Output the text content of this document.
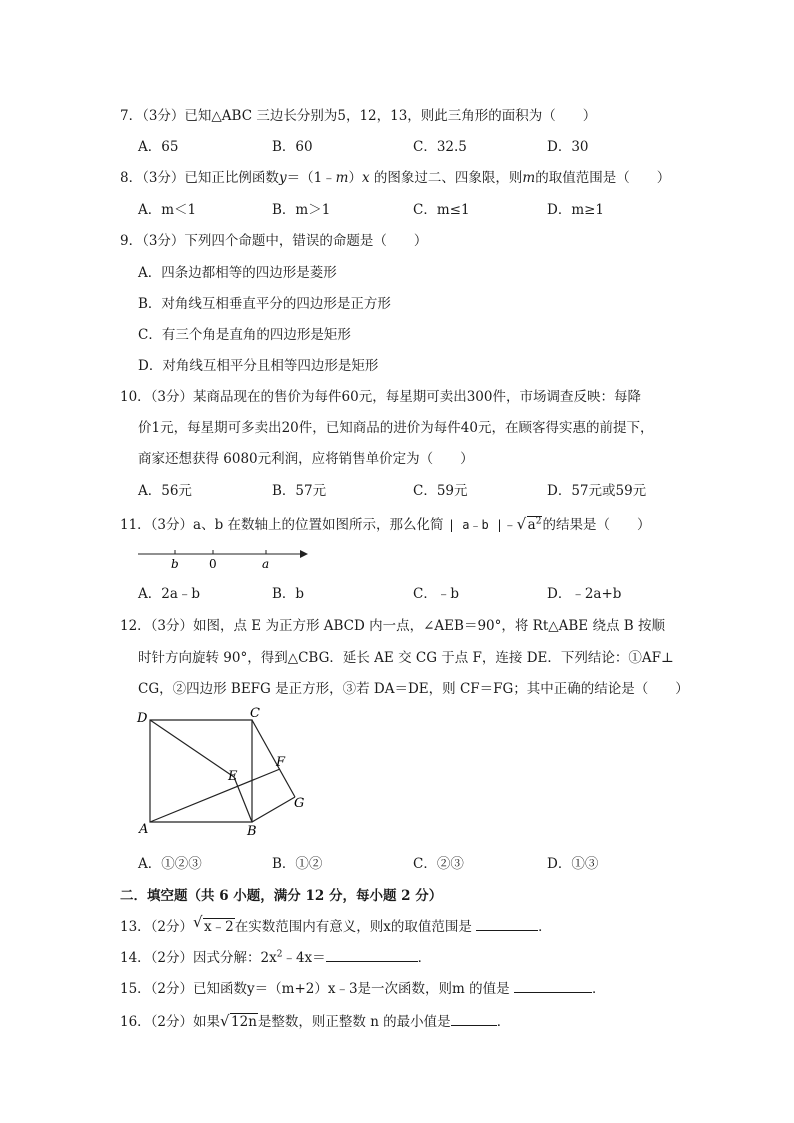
7．（3分）已知△ABC 三边长分别为5，12，13，则此三角形的面积为（　　）
A．65	B．60	C．32.5	D．30
8．（3分）已知正比例函数y＝（1﹣m）x 的图象过二、四象限，则m的取值范围是（　　）
A．m＜1	B．m＞1	C．m≤1	D．m≥1
9．（3分）下列四个命题中，错误的命题是（　　）
A．四条边都相等的四边形是菱形
B．对角线互相垂直平分的四边形是正方形
C．有三个角是直角的四边形是矩形
D．对角线互相平分且相等四边形是矩形
10．（3分）某商品现在的售价为每件60元，每星期可卖出300件，市场调查反映：每降
价1元，每星期可多卖出20件，已知商品的进价为每件40元，在顾客得实惠的前提下，
商家还想获得 6080元利润，应将销售单价定为（　　）
A．56元	B．57元	C．59元	D．57元或59元
11．（3分）a、b 在数轴上的位置如图所示，那么化简 | a﹣b |﹣ √ $a^2$的结果是（　　）
b	0	a
A．2a﹣b	B．b	C．﹣b	D．﹣2a+b
12．（3分）如图，点 E 为正方形 ABCD 内一点，∠AEB＝90°，将 Rt△ABE 绕点 B 按顺
时针方向旋转 90°，得到△CBG．延长 AE 交 CG 于点 F，连接 DE．下列结论：①AF⊥
CG，②四边形 BEFG 是正方形，③若 DA＝DE，则 CF＝FG；其中正确的结论是（　　）
D	C
E
F
G
A	B
A．①②③	B．①②	C．②③	D．①③
二．填空题（共 6 小题，满分 12 分，每小题 2 分）
13．（2分） √ x﹣2在实数范围内有意义，则x的取值范围是	．
14．（2分）因式分解：$2x^2﹣4x=$	．
15．（2分）已知函数y＝（m+2）x﹣3是一次函数，则m 的值是	．
16．（2分）如果 √ 12n是整数，则正整数 n 的最小值是	．
